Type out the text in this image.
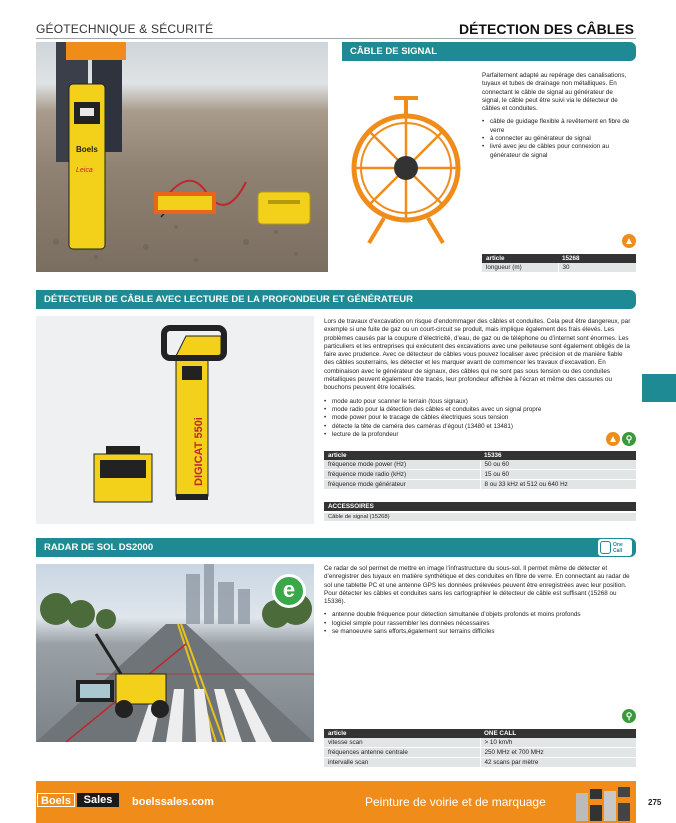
GÉOTECHNIQUE & SÉCURITÉ	DÉTECTION DES CÂBLES
Boels
Leica
CÂBLE DE SIGNAL

Parfaitement adapté au repérage des canalisations, tuyaux et tubes de drainage non métalliques. En connectant le câble de signal au générateur de signal, le câble peut être suivi via le détecteur de câbles et conduites.

• câble de guidage flexible à revêtement en fibre de verre
• à connecter au générateur de signal
• livré avec jeu de câbles pour connexion au générateur de signal
article	15268
longueur (m)	30
DÉTECTEUR DE CÂBLE AVEC LECTURE DE LA PROFONDEUR ET GÉNÉRATEUR
DIGICAT 550i

Lors de travaux d’excavation on risque d’endommager des câbles et conduites. Cela peut être dangereux, par exemple si une fuite de gaz ou un court-circuit se produit, mais implique également des frais élevés. Les problèmes causés par la coupure d’électricité, d’eau, de gaz ou de téléphone ou d’internet sont énormes. Les particuliers et les entreprises qui exécutent des excavations avec une pelleteuse sont également obligés de la faire avec prudence. Avec ce détecteur de câbles vous pouvez localiser avec précision et de manière fiable des câbles souterrains, les détecter et les marquer avant de commencer les travaux d’excavation. En combinaison avec le générateur de signaux, des câbles qui ne sont pas sous tension ou des conduites métalliques peuvent également être tracés, leur profondeur affichée à l’écran et même des cassures ou bouchons peuvent être localisés.

• mode auto pour scanner le terrain (tous signaux)
• mode radio pour la détection des câbles et conduites avec un signal propre
• mode power pour le tracage de câbles électriques sous tension
• détecte la tête de caméra des caméras d’égout (13480 et 13481)
• lecture de la profondeur	⚲
article	15336
fréquence mode power (Hz)	50 ou 60
fréquence mode radio (kHz)	15 ou 60
fréquence mode générateur	8 ou 33 kHz et 512 ou 640 Hz
ACCESSOIRES
Câble de signal (15268)
RADAR DE SOL DS2000	One Call
e

Ce radar de sol permet de mettre en image l’infrastructure du sous-sol. Il permet même de détecter et d’enregistrer des tuyaux en matière synthétique et des conduites en fibre de verre. En connectant au radar de sol une tablette PC et une antenne GPS les données prélevées peuvent être enregistrées avec leur position. Pour détecter les câbles et conduites sans les cartographier le détecteur de câble est suffisant (15268 ou 15336).

• antenne double fréquence pour détection simultanée d’objets profonds et moins profonds
• logiciel simple pour rassembler les données nécessaires
• se manoeuvre sans efforts,également sur terrains difficiles
⚲
article	ONE CALL
vitesse scan	> 10 km/h
fréquences antenne centrale	250 MHz et 700 MHz
intervalle scan	42 scans par mètre
Boels	Sales	boelssales.com	Peinture de voirie et de marquage	275
